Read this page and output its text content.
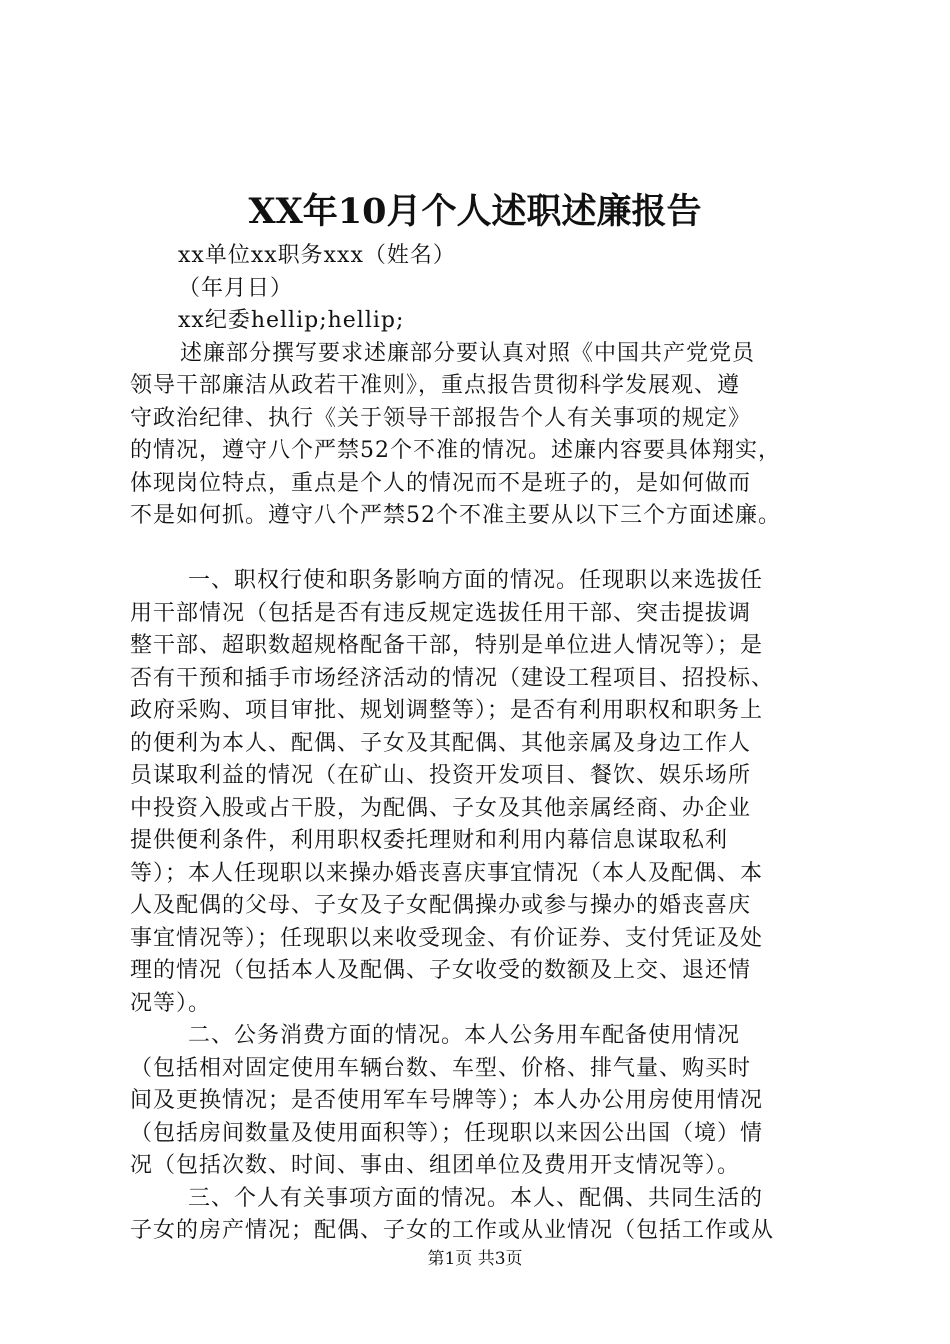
XX年10月个人述职述廉报告
xx单位xx职务xxx（姓名）
（年月日）
xx纪委hellip;hellip;
述廉部分撰写要求述廉部分要认真对照《中国共产党党员
领导干部廉洁从政若干准则》，重点报告贯彻科学发展观、遵
守政治纪律、执行《关于领导干部报告个人有关事项的规定》
的情况，遵守八个严禁52个不准的情况。述廉内容要具体翔实，
体现岗位特点，重点是个人的情况而不是班子的，是如何做而
不是如何抓。遵守八个严禁52个不准主要从以下三个方面述廉。
一、职权行使和职务影响方面的情况。任现职以来选拔任
用干部情况（包括是否有违反规定选拔任用干部、突击提拔调
整干部、超职数超规格配备干部，特别是单位进人情况等）；是
否有干预和插手市场经济活动的情况（建设工程项目、招投标、
政府采购、项目审批、规划调整等）；是否有利用职权和职务上
的便利为本人、配偶、子女及其配偶、其他亲属及身边工作人
员谋取利益的情况（在矿山、投资开发项目、餐饮、娱乐场所
中投资入股或占干股，为配偶、子女及其他亲属经商、办企业
提供便利条件，利用职权委托理财和利用内幕信息谋取私利
等）；本人任现职以来操办婚丧喜庆事宜情况（本人及配偶、本
人及配偶的父母、子女及子女配偶操办或参与操办的婚丧喜庆
事宜情况等）；任现职以来收受现金、有价证券、支付凭证及处
理的情况（包括本人及配偶、子女收受的数额及上交、退还情
况等）。
二、公务消费方面的情况。本人公务用车配备使用情况
（包括相对固定使用车辆台数、车型、价格、排气量、购买时
间及更换情况；是否使用军车号牌等）；本人办公用房使用情况
（包括房间数量及使用面积等）；任现职以来因公出国（境）情
况（包括次数、时间、事由、组团单位及费用开支情况等）。
三、个人有关事项方面的情况。本人、配偶、共同生活的
子女的房产情况；配偶、子女的工作或从业情况（包括工作或从
第1页 共3页
